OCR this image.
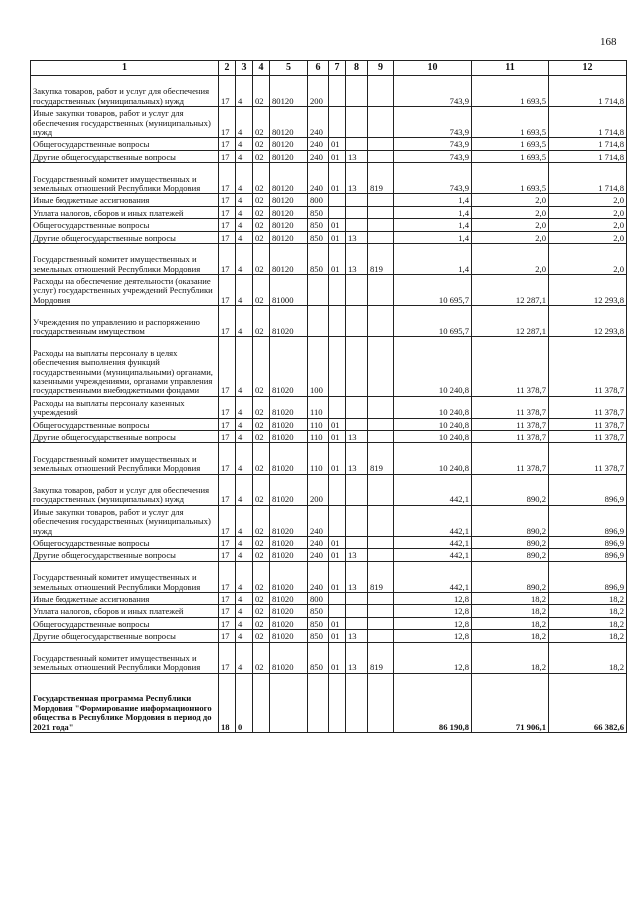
168
1	2	3	4	5	6	7	8	9	10	11	12
Закупка товаров, работ и услуг для обеспечения государственных (муниципальных) нужд	17	4	02	80120	200				743,9	1 693,5	1 714,8
Иные закупки товаров, работ и услуг для обеспечения государственных (муниципальных) нужд	17	4	02	80120	240				743,9	1 693,5	1 714,8
Общегосударственные вопросы	17	4	02	80120	240	01			743,9	1 693,5	1 714,8
Другие общегосударственные вопросы	17	4	02	80120	240	01	13		743,9	1 693,5	1 714,8
Государственный комитет имущественных и земельных отношений Республики Мордовия	17	4	02	80120	240	01	13	819	743,9	1 693,5	1 714,8
Иные бюджетные ассигнования	17	4	02	80120	800				1,4	2,0	2,0
Уплата налогов, сборов и иных платежей	17	4	02	80120	850				1,4	2,0	2,0
Общегосударственные вопросы	17	4	02	80120	850	01			1,4	2,0	2,0
Другие общегосударственные вопросы	17	4	02	80120	850	01	13		1,4	2,0	2,0
Государственный комитет имущественных и земельных отношений Республики Мордовия	17	4	02	80120	850	01	13	819	1,4	2,0	2,0
Расходы на обеспечение деятельности (оказание услуг) государственных учреждений Республики Мордовия	17	4	02	81000					10 695,7	12 287,1	12 293,8
Учреждения по управлению и распоряжению государственным имуществом	17	4	02	81020					10 695,7	12 287,1	12 293,8
Расходы на выплаты персоналу в целях обеспечения выполнения функций государственными (муниципальными) органами, казенными учреждениями, органами управления государственными внебюджетными фондами	17	4	02	81020	100				10 240,8	11 378,7	11 378,7
Расходы на выплаты персоналу казенных учреждений	17	4	02	81020	110				10 240,8	11 378,7	11 378,7
Общегосударственные вопросы	17	4	02	81020	110	01			10 240,8	11 378,7	11 378,7
Другие общегосударственные вопросы	17	4	02	81020	110	01	13		10 240,8	11 378,7	11 378,7
Государственный комитет имущественных и земельных отношений Республики Мордовия	17	4	02	81020	110	01	13	819	10 240,8	11 378,7	11 378,7
Закупка товаров, работ и услуг для обеспечения государственных (муниципальных) нужд	17	4	02	81020	200				442,1	890,2	896,9
Иные закупки товаров, работ и услуг для обеспечения государственных (муниципальных) нужд	17	4	02	81020	240				442,1	890,2	896,9
Общегосударственные вопросы	17	4	02	81020	240	01			442,1	890,2	896,9
Другие общегосударственные вопросы	17	4	02	81020	240	01	13		442,1	890,2	896,9
Государственный комитет имущественных и земельных отношений Республики Мордовия	17	4	02	81020	240	01	13	819	442,1	890,2	896,9
Иные бюджетные ассигнования	17	4	02	81020	800				12,8	18,2	18,2
Уплата налогов, сборов и иных платежей	17	4	02	81020	850				12,8	18,2	18,2
Общегосударственные вопросы	17	4	02	81020	850	01			12,8	18,2	18,2
Другие общегосударственные вопросы	17	4	02	81020	850	01	13		12,8	18,2	18,2
Государственный комитет имущественных и земельных отношений Республики Мордовия	17	4	02	81020	850	01	13	819	12,8	18,2	18,2
Государственная программа Республики Мордовия "Формирование информационного общества в Республике Мордовия в период до 2021 года"	18	0							86 190,8	71 906,1	66 382,6
